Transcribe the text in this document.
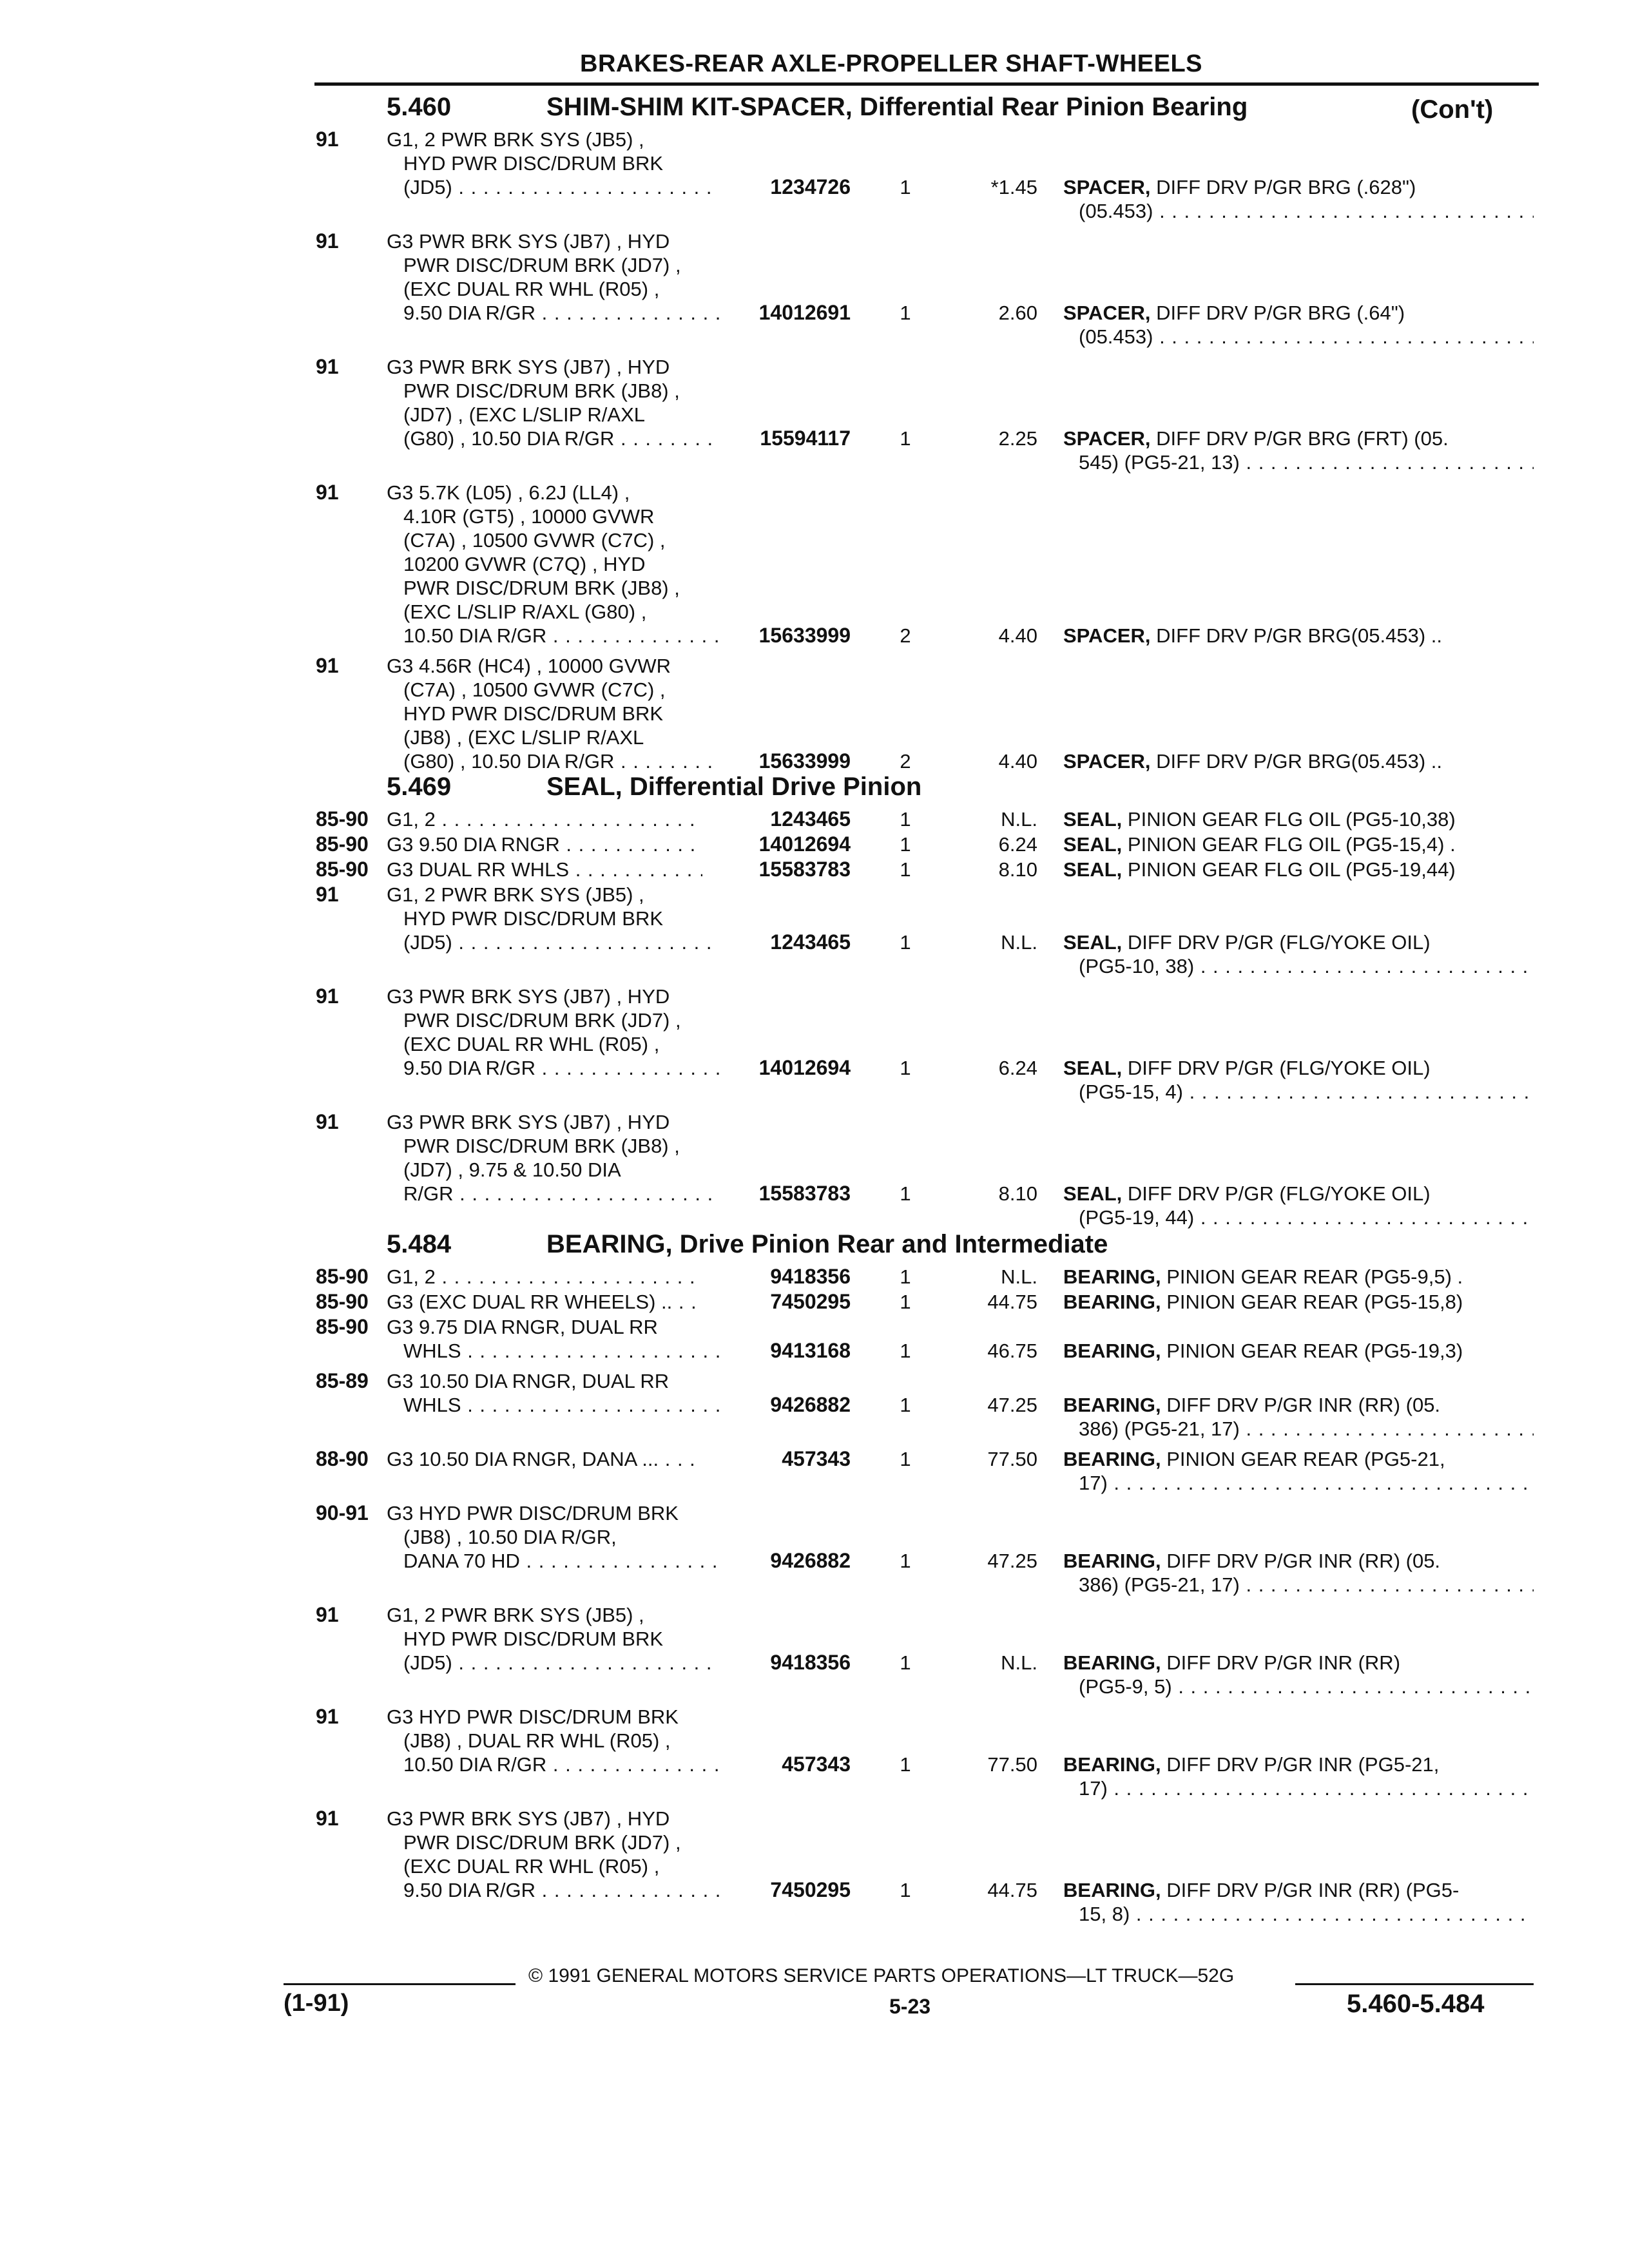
BRAKES-REAR AXLE-PROPELLER SHAFT-WHEELS
5.460	SHIM-SHIM KIT-SPACER, Differential Rear Pinion Bearing	(Con't)
91	G1, 2 PWR BRK SYS (JB5) ,
HYD PWR DISC/DRUM BRK
(JD5) . . .	1234726	1	*1.45 SPACER, DIFF DRV P/GR BRG (.628")
(05.453) . . .
91	G3 PWR BRK SYS (JB7) , HYD
PWR DISC/DRUM BRK (JD7) ,
(EXC DUAL RR WHL (R05) ,
9.50 DIA R/GR . . .	14012691	1	2.60 SPACER, DIFF DRV P/GR BRG (.64")
(05.453) . . .
91	G3 PWR BRK SYS (JB7) , HYD
PWR DISC/DRUM BRK (JB8) ,
(JD7) , (EXC L/SLIP R/AXL
(G80) , 10.50 DIA R/GR . . .	15594117	1	2.25 SPACER, DIFF DRV P/GR BRG (FRT) (05.
545) (PG5-21, 13) . . .
91	G3 5.7K (L05) , 6.2J (LL4) ,
4.10R (GT5) , 10000 GVWR
(C7A) , 10500 GVWR (C7C) ,
10200 GVWR (C7Q) , HYD
PWR DISC/DRUM BRK (JB8) ,
(EXC L/SLIP R/AXL (G80) ,
10.50 DIA R/GR . . .	15633999	2	4.40 SPACER, DIFF DRV P/GR BRG(05.453) ..
91	G3 4.56R (HC4) , 10000 GVWR
(C7A) , 10500 GVWR (C7C) ,
HYD PWR DISC/DRUM BRK
(JB8) , (EXC L/SLIP R/AXL
(G80) , 10.50 DIA R/GR . . .	15633999	2	4.40 SPACER, DIFF DRV P/GR BRG(05.453) ..
5.469	SEAL, Differential Drive Pinion
85-90 G1, 2 . . .	1243465	1	N.L. SEAL, PINION GEAR FLG OIL (PG5-10,38)
85-90 G3 9.50 DIA RNGR . . .	14012694	1	6.24 SEAL, PINION GEAR FLG OIL (PG5-15,4) .
85-90 G3 DUAL RR WHLS . . .	15583783	1	8.10 SEAL, PINION GEAR FLG OIL (PG5-19,44)
91	G1, 2 PWR BRK SYS (JB5) ,
HYD PWR DISC/DRUM BRK
(JD5) . . .	1243465	1	N.L. SEAL, DIFF DRV P/GR (FLG/YOKE OIL)
(PG5-10, 38) . . .
91	G3 PWR BRK SYS (JB7) , HYD
PWR DISC/DRUM BRK (JD7) ,
(EXC DUAL RR WHL (R05) ,
9.50 DIA R/GR . . .	14012694	1	6.24 SEAL, DIFF DRV P/GR (FLG/YOKE OIL)
(PG5-15, 4) . . .
91	G3 PWR BRK SYS (JB7) , HYD
PWR DISC/DRUM BRK (JB8) ,
(JD7) , 9.75 & 10.50 DIA
R/GR . . .	15583783	1	8.10 SEAL, DIFF DRV P/GR (FLG/YOKE OIL)
(PG5-19, 44) . . .
5.484	BEARING, Drive Pinion Rear and Intermediate
85-90 G1, 2 . . .	9418356	1	N.L. BEARING, PINION GEAR REAR (PG5-9,5) .
85-90 G3 (EXC DUAL RR WHEELS) .. . . .	7450295	1	44.75 BEARING, PINION GEAR REAR (PG5-15,8)
85-90 G3 9.75 DIA RNGR, DUAL RR
WHLS . . .	9413168	1	46.75 BEARING, PINION GEAR REAR (PG5-19,3)
85-89 G3 10.50 DIA RNGR, DUAL RR
WHLS . . .	9426882	1	47.25 BEARING, DIFF DRV P/GR INR (RR) (05.
386) (PG5-21, 17) . . .
88-90 G3 10.50 DIA RNGR, DANA ... . . .	457343	1	77.50 BEARING, PINION GEAR REAR (PG5-21,
17) . . .
90-91 G3 HYD PWR DISC/DRUM BRK
(JB8) , 10.50 DIA R/GR,
DANA 70 HD . . .	9426882	1	47.25 BEARING, DIFF DRV P/GR INR (RR) (05.
386) (PG5-21, 17) . . .
91	G1, 2 PWR BRK SYS (JB5) ,
HYD PWR DISC/DRUM BRK
(JD5) . . .	9418356	1	N.L. BEARING, DIFF DRV P/GR INR (RR)
(PG5-9, 5) . . .
91	G3 HYD PWR DISC/DRUM BRK
(JB8) , DUAL RR WHL (R05) ,
10.50 DIA R/GR . . .	457343	1	77.50 BEARING, DIFF DRV P/GR INR (PG5-21,
17) . . .
91	G3 PWR BRK SYS (JB7) , HYD
PWR DISC/DRUM BRK (JD7) ,
(EXC DUAL RR WHL (R05) ,
9.50 DIA R/GR . . .	7450295	1	44.75 BEARING, DIFF DRV P/GR INR (RR) (PG5-
15, 8) . . .
© 1991 GENERAL MOTORS SERVICE PARTS OPERATIONS—LT TRUCK—52G
(1-91)	5-23	5.460-5.484
